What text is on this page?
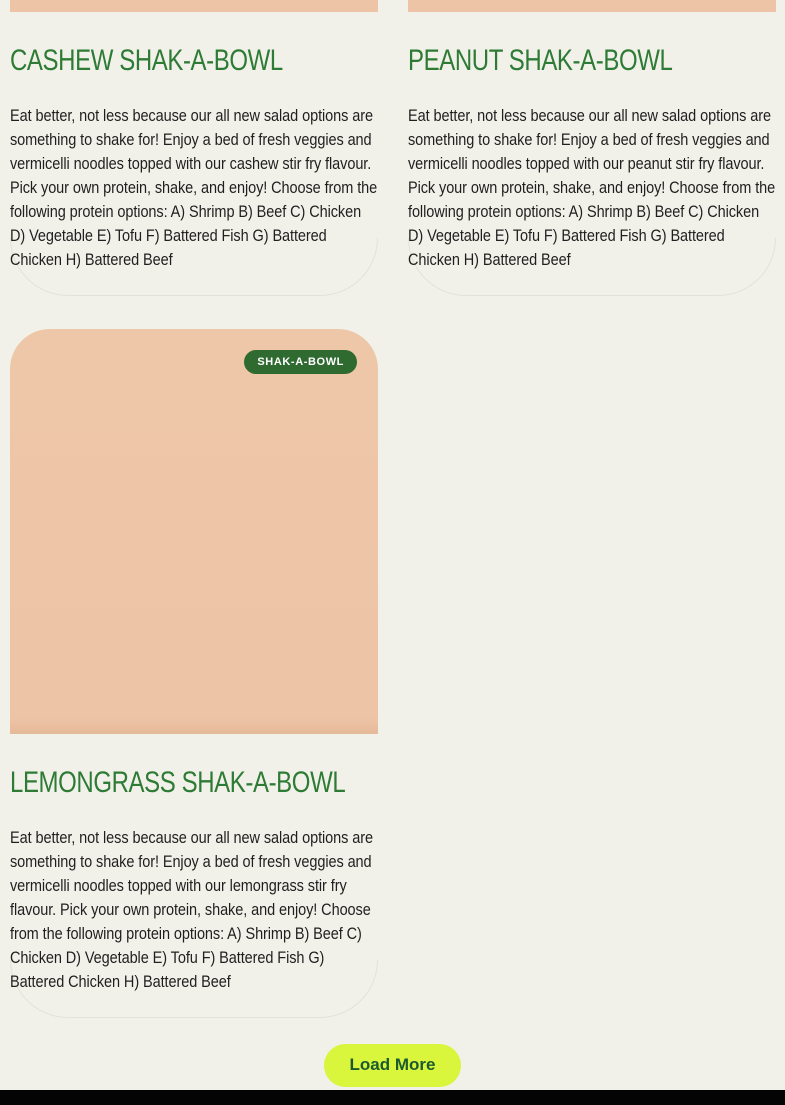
CASHEW SHAK-A-BOWL

Eat better, not less because our all new salad options are something to shake for! Enjoy a bed of fresh veggies and vermicelli noodles topped with our cashew stir fry flavour. Pick your own protein, shake, and enjoy! Choose from the following protein options: A) Shrimp B) Beef C) Chicken D) Vegetable E) Tofu F) Battered Fish G) Battered Chicken H) Battered Beef

SHAK-A-BOWL
LEMONGRASS SHAK-A-BOWL

Eat better, not less because our all new salad options are something to shake for! Enjoy a bed of fresh veggies and vermicelli noodles topped with our lemongrass stir fry flavour. Pick your own protein, shake, and enjoy! Choose from the following protein options: A) Shrimp B) Beef C) Chicken D) Vegetable E) Tofu F) Battered Fish G) Battered Chicken H) Battered Beef

PEANUT SHAK-A-BOWL

Eat better, not less because our all new salad options are something to shake for! Enjoy a bed of fresh veggies and vermicelli noodles topped with our peanut stir fry flavour. Pick your own protein, shake, and enjoy! Choose from the following protein options: A) Shrimp B) Beef C) Chicken D) Vegetable E) Tofu F) Battered Fish G) Battered Chicken H) Battered Beef

Load More
